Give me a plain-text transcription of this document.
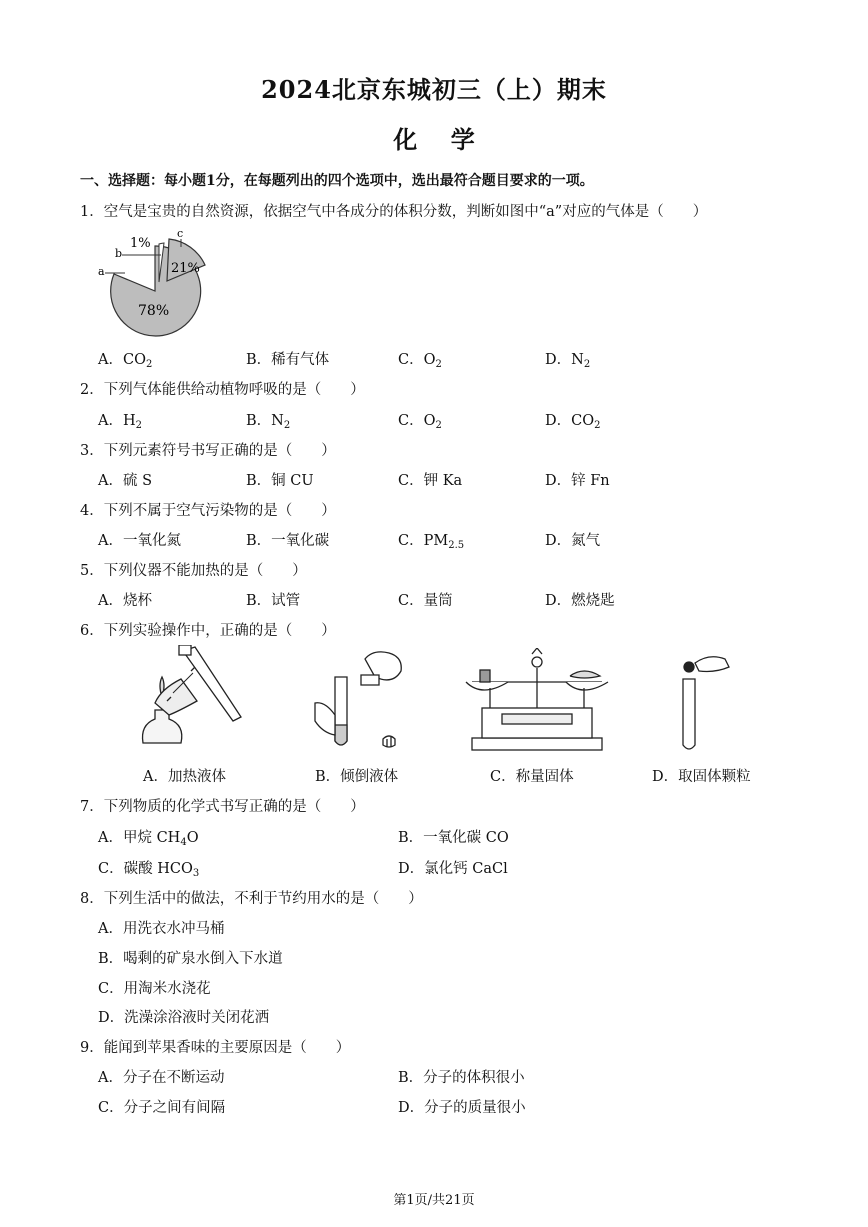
2024北京东城初三（上）期末
化    学
一、选择题：每小题1分，在每题列出的四个选项中，选出最符合题目要求的一项。
1．空气是宝贵的自然资源，依据空气中各成分的体积分数，判断如图中“a”对应的气体是（　　）
78%
21%
1%
a
b
c
A．$CO_2$	B．稀有气体	C．$O_2$	D．$N_2$
2．下列气体能供给动植物呼吸的是（　　）
A．$H_2$	B．$N_2$	C．$O_2$	D．$CO_2$
3．下列元素符号书写正确的是（　　）
A．硫 S	B．铜 CU	C．钾 Ka	D．锌 Fn
4．下列不属于空气污染物的是（　　）
A．一氧化氮	B．一氧化碳	C．$PM_{2.5}$	D．氮气
5．下列仪器不能加热的是（　　）
A．烧杯	B．试管	C．量筒	D．燃烧匙
6．下列实验操作中，正确的是（　　）
A．加热液体	B．倾倒液体	C．称量固体	D．取固体颗粒
7．下列物质的化学式书写正确的是（　　）
A．甲烷 $CH_4O$	B．一氧化碳 CO
C．碳酸 $HCO_3$	D．氯化钙 CaCl
8．下列生活中的做法，不利于节约用水的是（　　）
A．用洗衣水冲马桶
B．喝剩的矿泉水倒入下水道
C．用淘米水浇花
D．洗澡涂浴液时关闭花洒
9．能闻到苹果香味的主要原因是（　　）
A．分子在不断运动	B．分子的体积很小
C．分子之间有间隔	D．分子的质量很小
第1页/共21页
